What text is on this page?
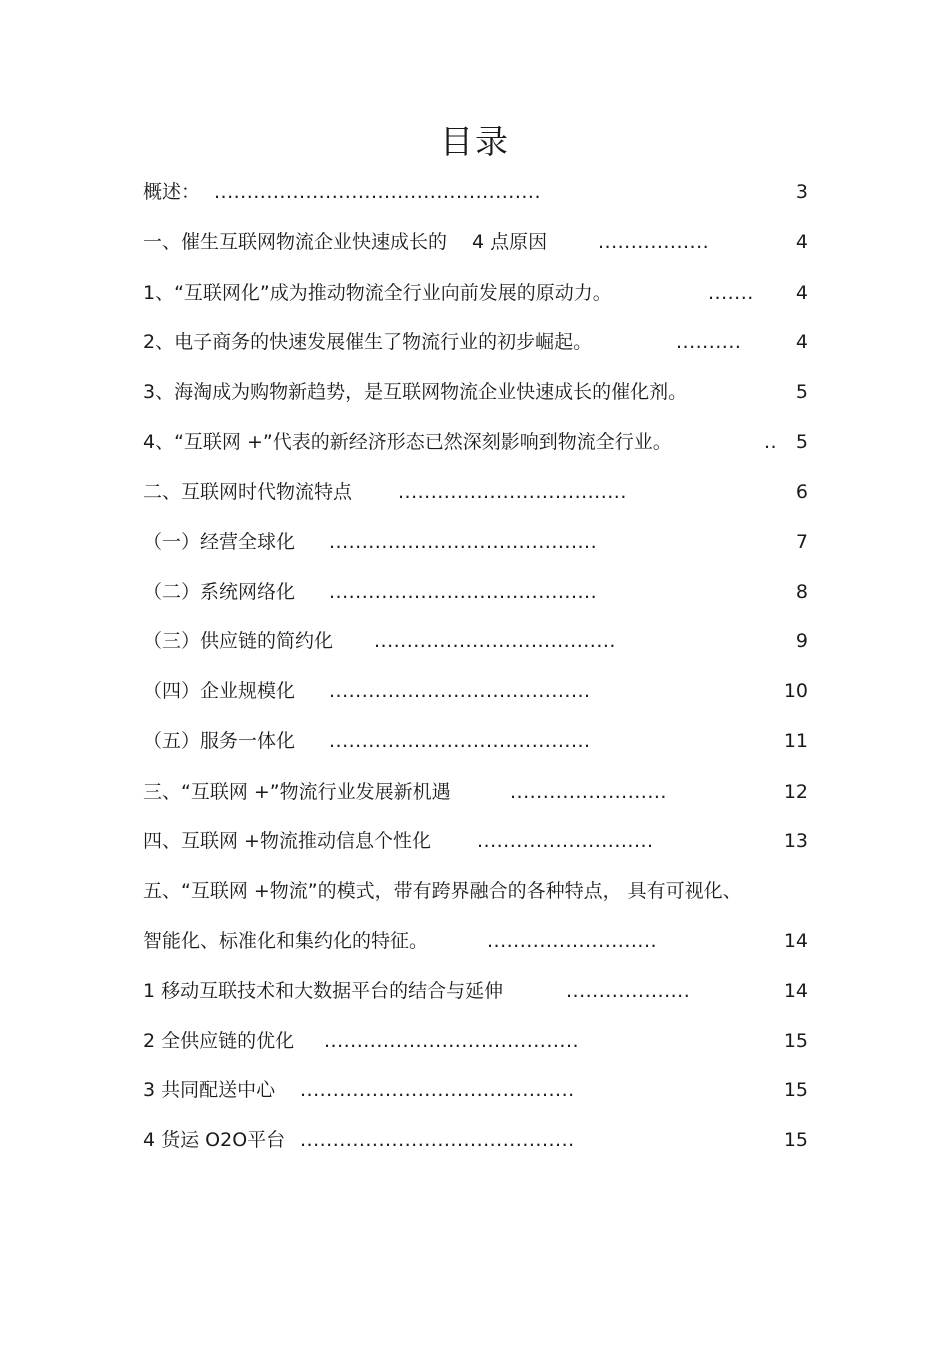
目录
概述： ..................................................	3
一、催生互联网物流企业快速成长的 　4 点原因	.................	4
1、“互联网化”成为推动物流全行业向前发展的原动力。	....... 4
2、电子商务的快速发展催生了物流行业的初步崛起。	..........	4
3、海淘成为购物新趋势，是互联网物流企业快速成长的催化剂。	5
4、“互联网 +”代表的新经济形态已然深刻影响到物流全行业。	.. 5
二、互联网时代物流特点 ...................................	6
（一）经营全球化 .........................................	7
（二）系统网络化 .........................................	8
（三）供应链的简约化 .....................................	9
（四）企业规模化 ........................................	10
（五）服务一体化 ........................................	11
三、“互联网 +”物流行业发展新机遇	........................	12
四、互联网 +物流推动信息个性化 ...........................	13
五、“互联网 +物流”的模式，带有跨界融合的各种特点， 具有可视化、
智能化、标准化和集约化的特征。	..........................	14
1 移动互联技术和大数据平台的结合与延伸	...................	14
2 全供应链的优化 .......................................	15
3 共同配送中心 ..........................................	15
4 货运 O2O平台 ..........................................	15
